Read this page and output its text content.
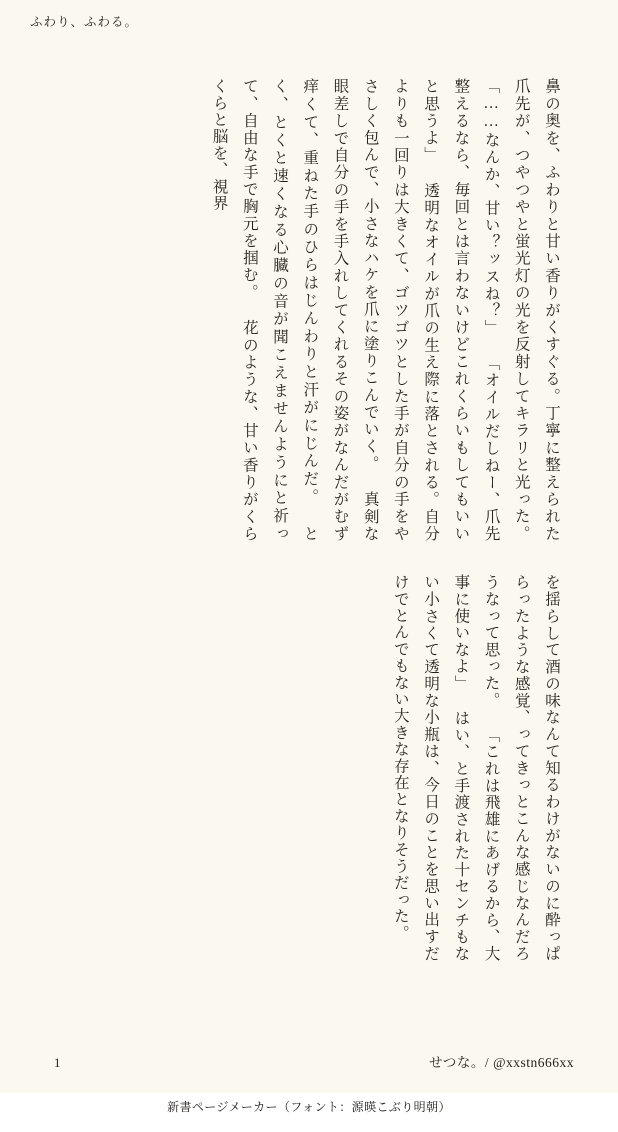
ふわり、ふわる。
鼻の奥を、ふわりと甘い香りがくすぐる。丁寧に整えられた爪先が、つやつやと蛍光灯の光を反射してキラリと光った。 「……なんか、甘い？ッスね？」 「オイルだしねー、爪先整えるなら、毎回とは言わないけどこれくらいもしてもいいと思うよ」 透明なオイルが爪の生え際に落とされる。自分よりも一回りは大きくて、ゴツゴツとした手が自分の手をやさしく包んで、小さなハケを爪に塗りこんでいく。 真剣な眼差しで自分の手を手入れしてくれるその姿がなんだがむず痒くて、重ねた手のひらはじんわりと汗がにじんだ。 とく、とくと速くなる心臓の音が聞こえませんようにと祈って、自由な手で胸元を掴む。 花のような、甘い香りがくらくらと脳を、視界
を揺らして酒の味なんて知るわけがないのに酔っぱらったような感覚、ってきっとこんな感じなんだろうなって思った。 「これは飛雄にあげるから、大事に使いなよ」 はい、と手渡された十センチもない小さくて透明な小瓶は、今日のことを思い出すだけでとんでもない大きな存在となりそうだった。
1	せつな。/ @xxstn666xx
新書ページメーカー（フォント：源暎こぶり明朝）
